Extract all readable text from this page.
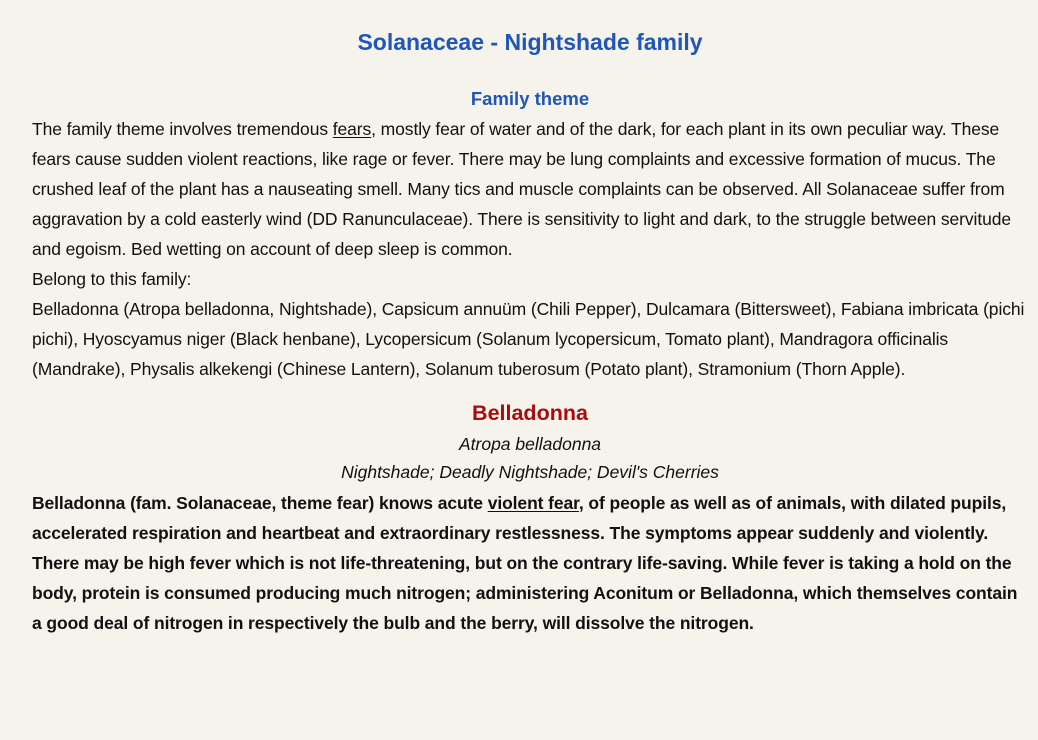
Solanaceae - Nightshade family
Family theme

The family theme involves tremendous fears, mostly fear of water and of the dark, for each plant in its own peculiar way. These fears cause sudden violent reactions, like rage or fever. There may be lung complaints and excessive formation of mucus. The crushed leaf of the plant has a nauseating smell. Many tics and muscle complaints can be observed. All Solanaceae suffer from aggravation by a cold easterly wind (DD Ranunculaceae). There is sensitivity to light and dark, to the struggle between servitude and egoism. Bed wetting on account of deep sleep is common.

Belong to this family:

Belladonna (Atropa belladonna, Nightshade), Capsicum annuüm (Chili Pepper), Dulcamara (Bittersweet), Fabiana imbricata (pichi pichi), Hyoscyamus niger (Black henbane), Lycopersicum (Solanum lycopersicum, Tomato plant), Mandragora officinalis (Mandrake), Physalis alkekengi (Chinese Lantern), Solanum tuberosum (Potato plant), Stramonium (Thorn Apple).

Belladonna

Atropa belladonna

Nightshade; Deadly Nightshade; Devil's Cherries

Belladonna (fam. Solanaceae, theme fear) knows acute violent fear, of people as well as of animals, with dilated pupils, accelerated respiration and heartbeat and extraordinary restlessness. The symptoms appear suddenly and violently. There may be high fever which is not life-threatening, but on the contrary life-saving. While fever is taking a hold on the body, protein is consumed producing much nitrogen; administering Aconitum or Belladonna, which themselves contain a good deal of nitrogen in respectively the bulb and the berry, will dissolve the nitrogen.
